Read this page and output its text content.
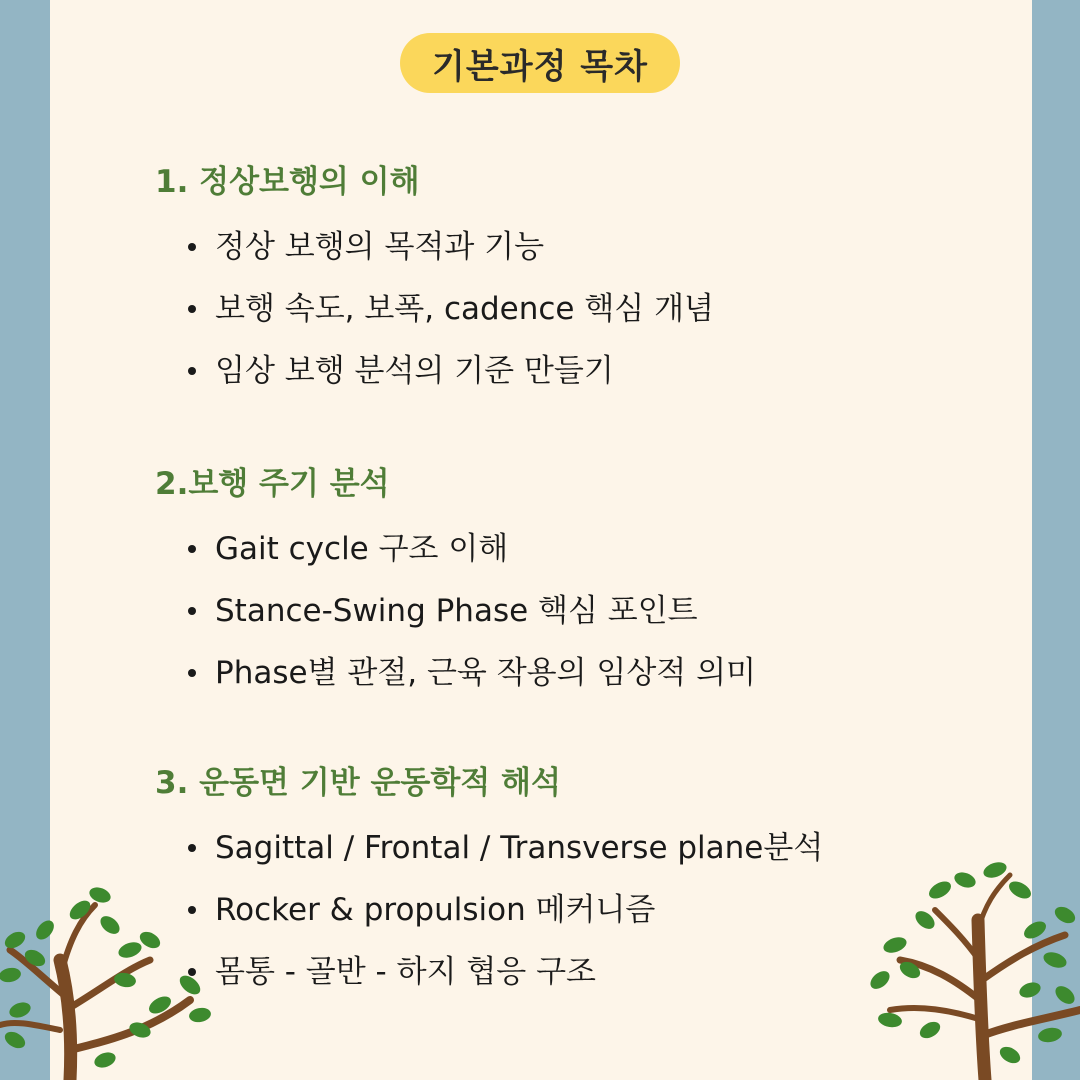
기본과정 목차
1. 정상보행의 이해
정상 보행의 목적과 기능
보행 속도, 보폭, cadence 핵심 개념
임상 보행 분석의 기준 만들기
2.보행 주기 분석
Gait cycle 구조 이해
Stance-Swing Phase 핵심 포인트
Phase별 관절, 근육 작용의 임상적 의미
3. 운동면 기반 운동학적 해석
Sagittal / Frontal / Transverse plane분석
Rocker & propulsion 메커니즘
몸통 - 골반 - 하지 협응 구조
